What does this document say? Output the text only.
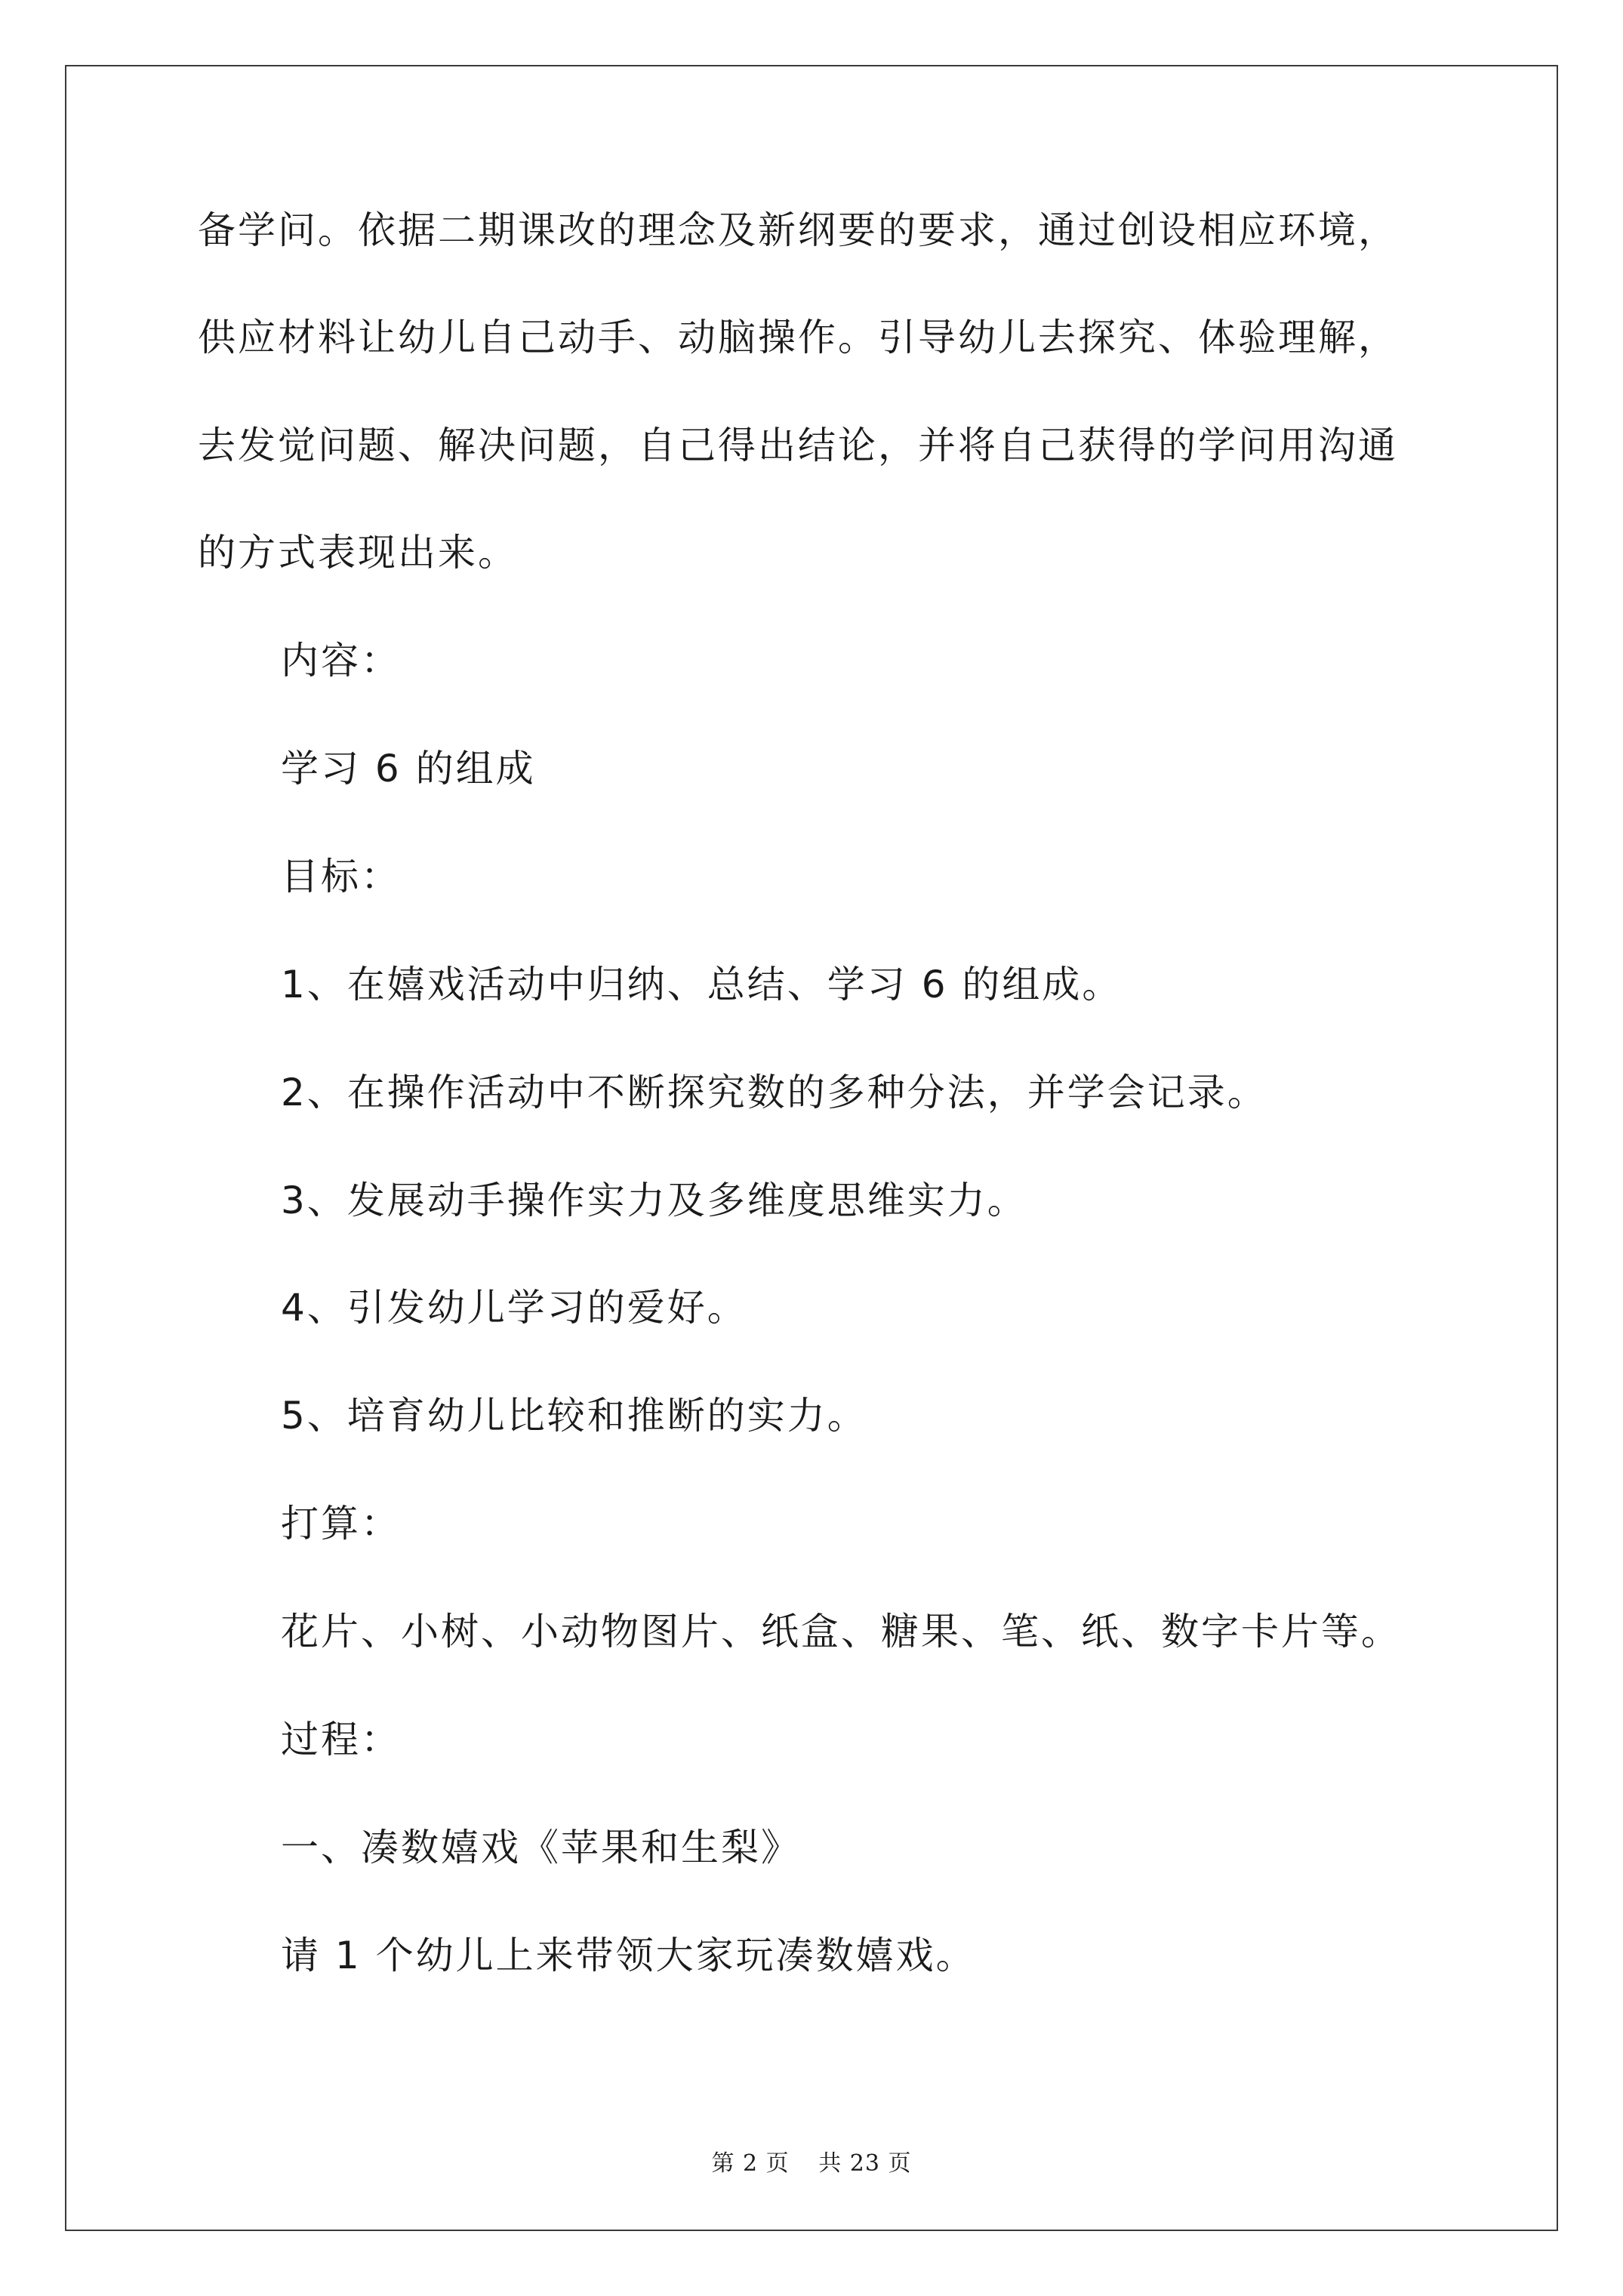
备学问。依据二期课改的理念及新纲要的要求，通过创设相应环境，

供应材料让幼儿自己动手、动脑操作。引导幼儿去探究、体验理解，

去发觉问题、解决问题，自己得出结论，并将自己获得的学问用沟通

的方式表现出来。

内容：

学习 6 的组成

目标：

1、在嬉戏活动中归纳、总结、学习 6 的组成。

2、在操作活动中不断探究数的多种分法，并学会记录。

3、发展动手操作实力及多维度思维实力。

4、引发幼儿学习的爱好。

5、培育幼儿比较和推断的实力。

打算：

花片、小树、小动物图片、纸盒、糖果、笔、纸、数字卡片等。

过程：

一、凑数嬉戏《苹果和生梨》

请 1 个幼儿上来带领大家玩凑数嬉戏。

第 2 页 共 23 页
